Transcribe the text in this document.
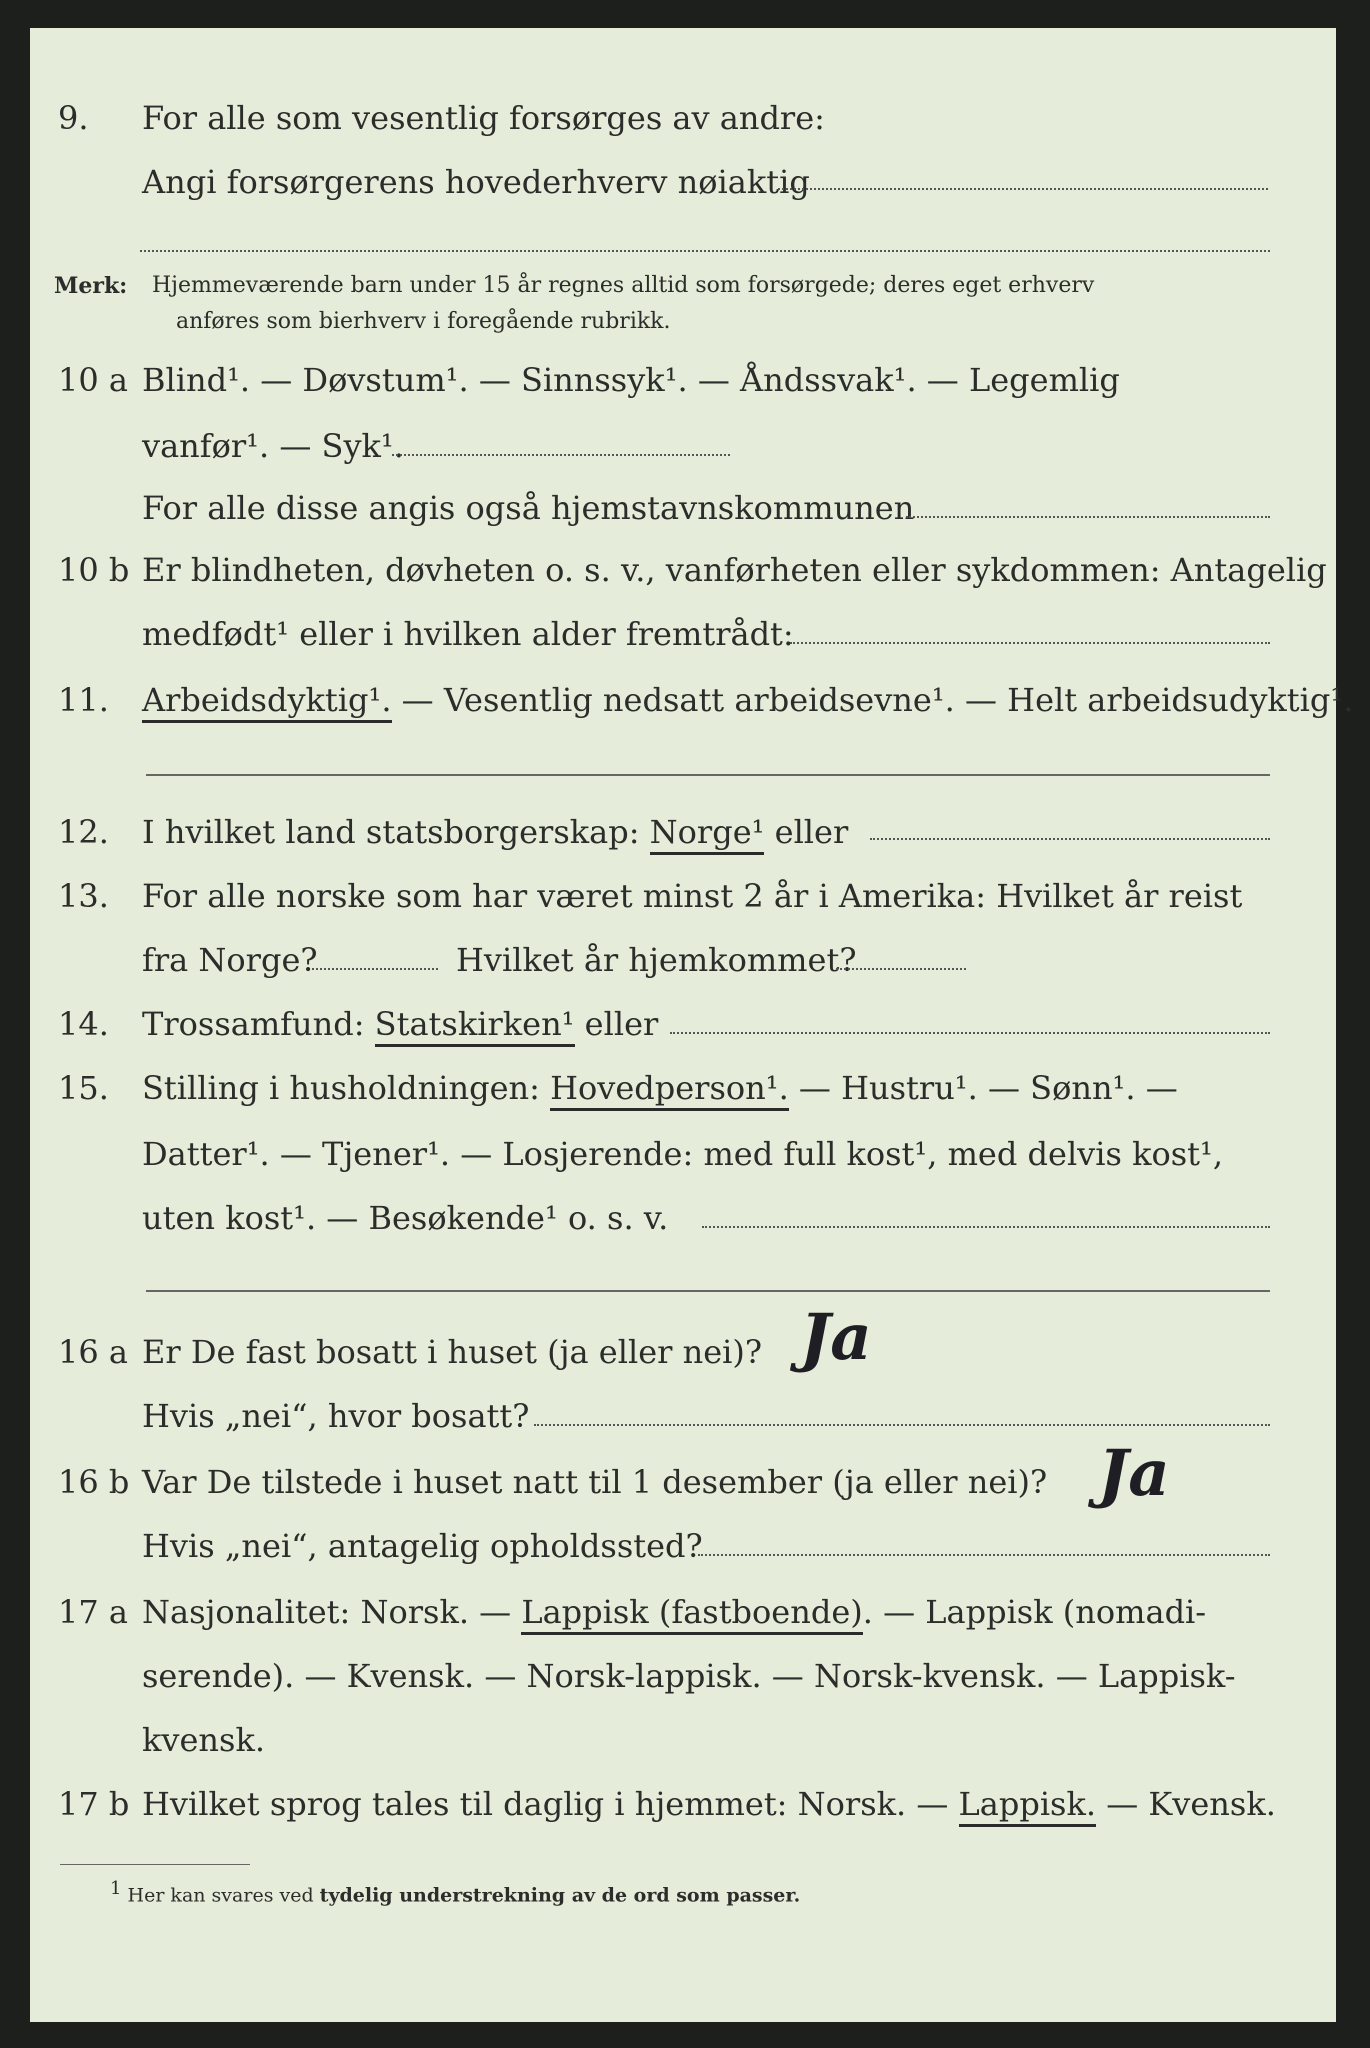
9. For alle som vesentlig forsørges av andre:
Angi forsørgerens hovederhverv nøiaktig
Merk: Hjemmeværende barn under 15 år regnes alltid som forsørgede; deres eget erhverv
anføres som bierhverv i foregående rubrikk.
10 a Blind¹. — Døvstum¹. — Sinnssyk¹. — Åndssvak¹. — Legemlig
vanfør¹. — Syk¹.
For alle disse angis også hjemstavnskommunen
10 b Er blindheten, døvheten o. s. v., vanførheten eller sykdommen: Antagelig
medfødt¹ eller i hvilken alder fremtrådt:
11. Arbeidsdyktig¹. — Vesentlig nedsatt arbeidsevne¹. — Helt arbeidsudyktig¹.
12. I hvilket land statsborgerskap: Norge¹ eller
13. For alle norske som har været minst 2 år i Amerika: Hvilket år reist
fra Norge?	Hvilket år hjemkommet?
14. Trossamfund: Statskirken¹ eller
15. Stilling i husholdningen: Hovedperson¹. — Hustru¹. — Sønn¹. —
Datter¹. — Tjener¹. — Losjerende: med full kost¹, med delvis kost¹,
uten kost¹. — Besøkende¹ o. s. v.
16 a Er De fast bosatt i huset (ja eller nei)? Ja
Hvis „nei“, hvor bosatt?
16 b Var De tilstede i huset natt til 1 desember (ja eller nei)? Ja
Hvis „nei“, antagelig opholdssted?
17 a Nasjonalitet: Norsk. — Lappisk (fastboende). — Lappisk (nomadi-
serende). — Kvensk. — Norsk-lappisk. — Norsk-kvensk. — Lappisk-
kvensk.
17 b Hvilket sprog tales til daglig i hjemmet: Norsk. — Lappisk. — Kvensk.
1 Her kan svares ved tydelig understrekning av de ord som passer.
